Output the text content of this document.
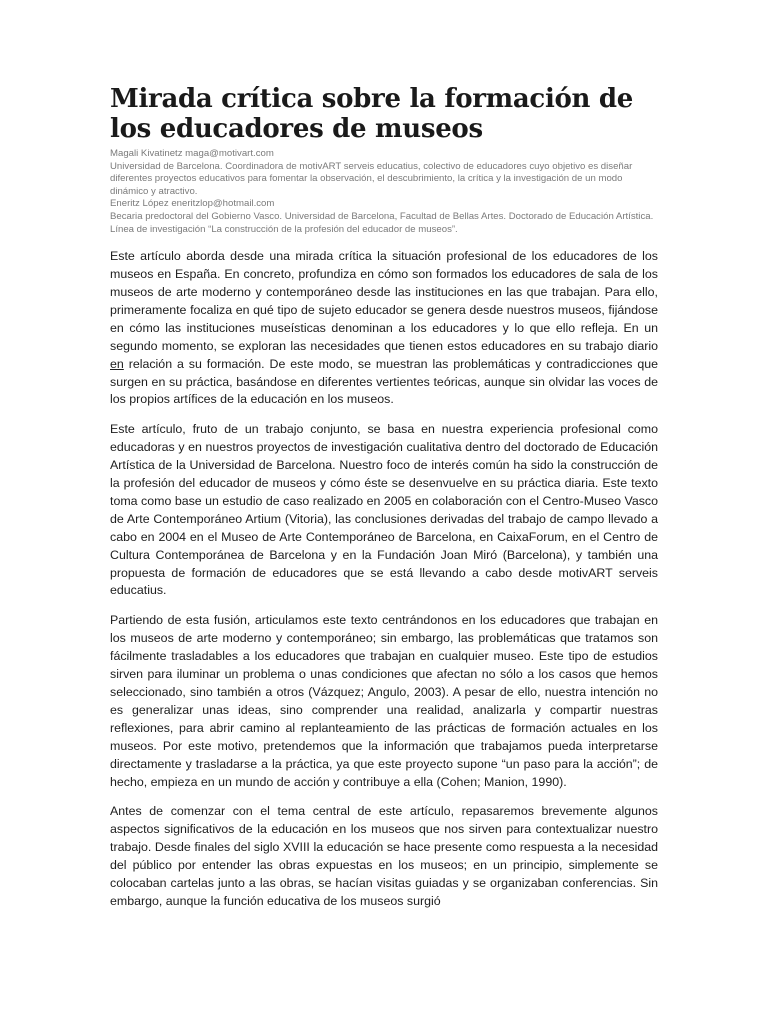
Mirada crítica sobre la formación de los educadores de museos

Magali Kivatinetz maga@motivart.com

Universidad de Barcelona. Coordinadora de motivART serveis educatius, colectivo de educadores cuyo objetivo es diseñar diferentes proyectos educativos para fomentar la observación, el descubrimiento, la crítica y la investigación de un modo dinámico y atractivo.

Eneritz López eneritzlop@hotmail.com

Becaria predoctoral del Gobierno Vasco. Universidad de Barcelona, Facultad de Bellas Artes. Doctorado de Educación Artística. Línea de investigación “La construcción de la profesión del educador de museos”.

Este artículo aborda desde una mirada crítica la situación profesional de los educadores de los museos en España. En concreto, profundiza en cómo son formados los educadores de sala de los museos de arte moderno y contemporáneo desde las instituciones en las que trabajan. Para ello, primeramente focaliza en qué tipo de sujeto educador se genera desde nuestros museos, fijándose en cómo las instituciones museísticas denominan a los educadores y lo que ello refleja. En un segundo momento, se exploran las necesidades que tienen estos educadores en su trabajo diario en relación a su formación. De este modo, se muestran las problemáticas y contradicciones que surgen en su práctica, basándose en diferentes vertientes teóricas, aunque sin olvidar las voces de los propios artífices de la educación en los museos.

Este artículo, fruto de un trabajo conjunto, se basa en nuestra experiencia profesional como educadoras y en nuestros proyectos de investigación cualitativa dentro del doctorado de Educación Artística de la Universidad de Barcelona. Nuestro foco de interés común ha sido la construcción de la profesión del educador de museos y cómo éste se desenvuelve en su práctica diaria. Este texto toma como base un estudio de caso realizado en 2005 en colaboración con el Centro-Museo Vasco de Arte Contemporáneo Artium (Vitoria), las conclusiones derivadas del trabajo de campo llevado a cabo en 2004 en el Museo de Arte Contemporáneo de Barcelona, en CaixaForum, en el Centro de Cultura Contemporánea de Barcelona y en la Fundación Joan Miró (Barcelona), y también una propuesta de formación de educadores que se está llevando a cabo desde motivART serveis educatius.

Partiendo de esta fusión, articulamos este texto centrándonos en los educadores que trabajan en los museos de arte moderno y contemporáneo; sin embargo, las problemáticas que tratamos son fácilmente trasladables a los educadores que trabajan en cualquier museo. Este tipo de estudios sirven para iluminar un problema o unas condiciones que afectan no sólo a los casos que hemos seleccionado, sino también a otros (Vázquez; Angulo, 2003). A pesar de ello, nuestra intención no es generalizar unas ideas, sino comprender una realidad, analizarla y compartir nuestras reflexiones, para abrir camino al replanteamiento de las prácticas de formación actuales en los museos. Por este motivo, pretendemos que la información que trabajamos pueda interpretarse directamente y trasladarse a la práctica, ya que este proyecto supone “un paso para la acción”; de hecho, empieza en un mundo de acción y contribuye a ella (Cohen; Manion, 1990).

Antes de comenzar con el tema central de este artículo, repasaremos brevemente algunos aspectos significativos de la educación en los museos que nos sirven para contextualizar nuestro trabajo. Desde finales del siglo XVIII la educación se hace presente como respuesta a la necesidad del público por entender las obras expuestas en los museos; en un principio, simplemente se colocaban cartelas junto a las obras, se hacían visitas guiadas y se organizaban conferencias. Sin embargo, aunque la función educativa de los museos surgió
